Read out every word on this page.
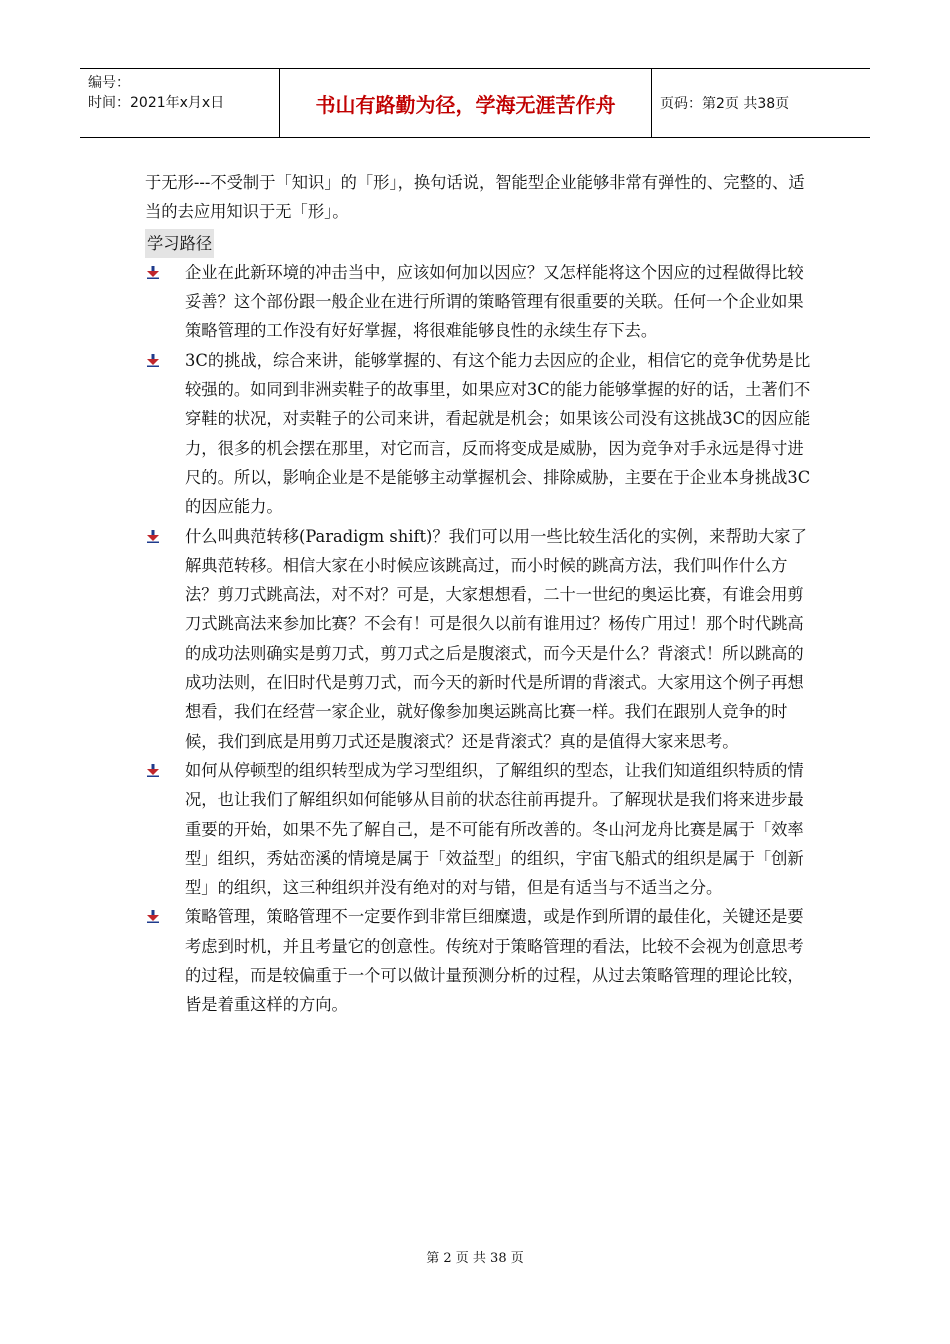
编号：
时间：2021年x月x日	书山有路勤为径，学海无涯苦作舟	页码：第2页 共38页

于无形---不受制于「知识」的「形」，换句话说，智能型企业能够非常有弹性的、完整的、适当的去应用知识于无「形」。

学习路径
企业在此新环境的冲击当中，应该如何加以因应？又怎样能将这个因应的过程做得比较妥善？这个部份跟一般企业在进行所谓的策略管理有很重要的关联。任何一个企业如果策略管理的工作没有好好掌握，将很难能够良性的永续生存下去。
3C的挑战，综合来讲，能够掌握的、有这个能力去因应的企业，相信它的竞争优势是比较强的。如同到非洲卖鞋子的故事里，如果应对3C的能力能够掌握的好的话，土著们不穿鞋的状况，对卖鞋子的公司来讲，看起就是机会；如果该公司没有这挑战3C的因应能力，很多的机会摆在那里，对它而言，反而将变成是威胁，因为竞争对手永远是得寸进尺的。所以，影响企业是不是能够主动掌握机会、排除威胁，主要在于企业本身挑战3C的因应能力。
什么叫典范转移(Paradigm shift)？我们可以用一些比较生活化的实例，来帮助大家了解典范转移。相信大家在小时候应该跳高过，而小时候的跳高方法，我们叫作什么方法？剪刀式跳高法，对不对？可是，大家想想看，二十一世纪的奥运比赛，有谁会用剪刀式跳高法来参加比赛？不会有！可是很久以前有谁用过？杨传广用过！那个时代跳高的成功法则确实是剪刀式，剪刀式之后是腹滚式，而今天是什么？背滚式！所以跳高的成功法则，在旧时代是剪刀式，而今天的新时代是所谓的背滚式。大家用这个例子再想想看，我们在经营一家企业，就好像参加奥运跳高比赛一样。我们在跟别人竞争的时候，我们到底是用剪刀式还是腹滚式？还是背滚式？真的是值得大家来思考。
如何从停顿型的组织转型成为学习型组织，了解组织的型态，让我们知道组织特质的情况，也让我们了解组织如何能够从目前的状态往前再提升。了解现状是我们将来进步最重要的开始，如果不先了解自己，是不可能有所改善的。冬山河龙舟比赛是属于「效率型」组织，秀姑峦溪的情境是属于「效益型」的组织，宇宙飞船式的组织是属于「创新型」的组织，这三种组织并没有绝对的对与错，但是有适当与不适当之分。
策略管理，策略管理不一定要作到非常巨细糜遗，或是作到所谓的最佳化，关键还是要考虑到时机，并且考量它的创意性。传统对于策略管理的看法，比较不会视为创意思考的过程，而是较偏重于一个可以做计量预测分析的过程，从过去策略管理的理论比较，皆是着重这样的方向。
第 2 页 共 38 页
